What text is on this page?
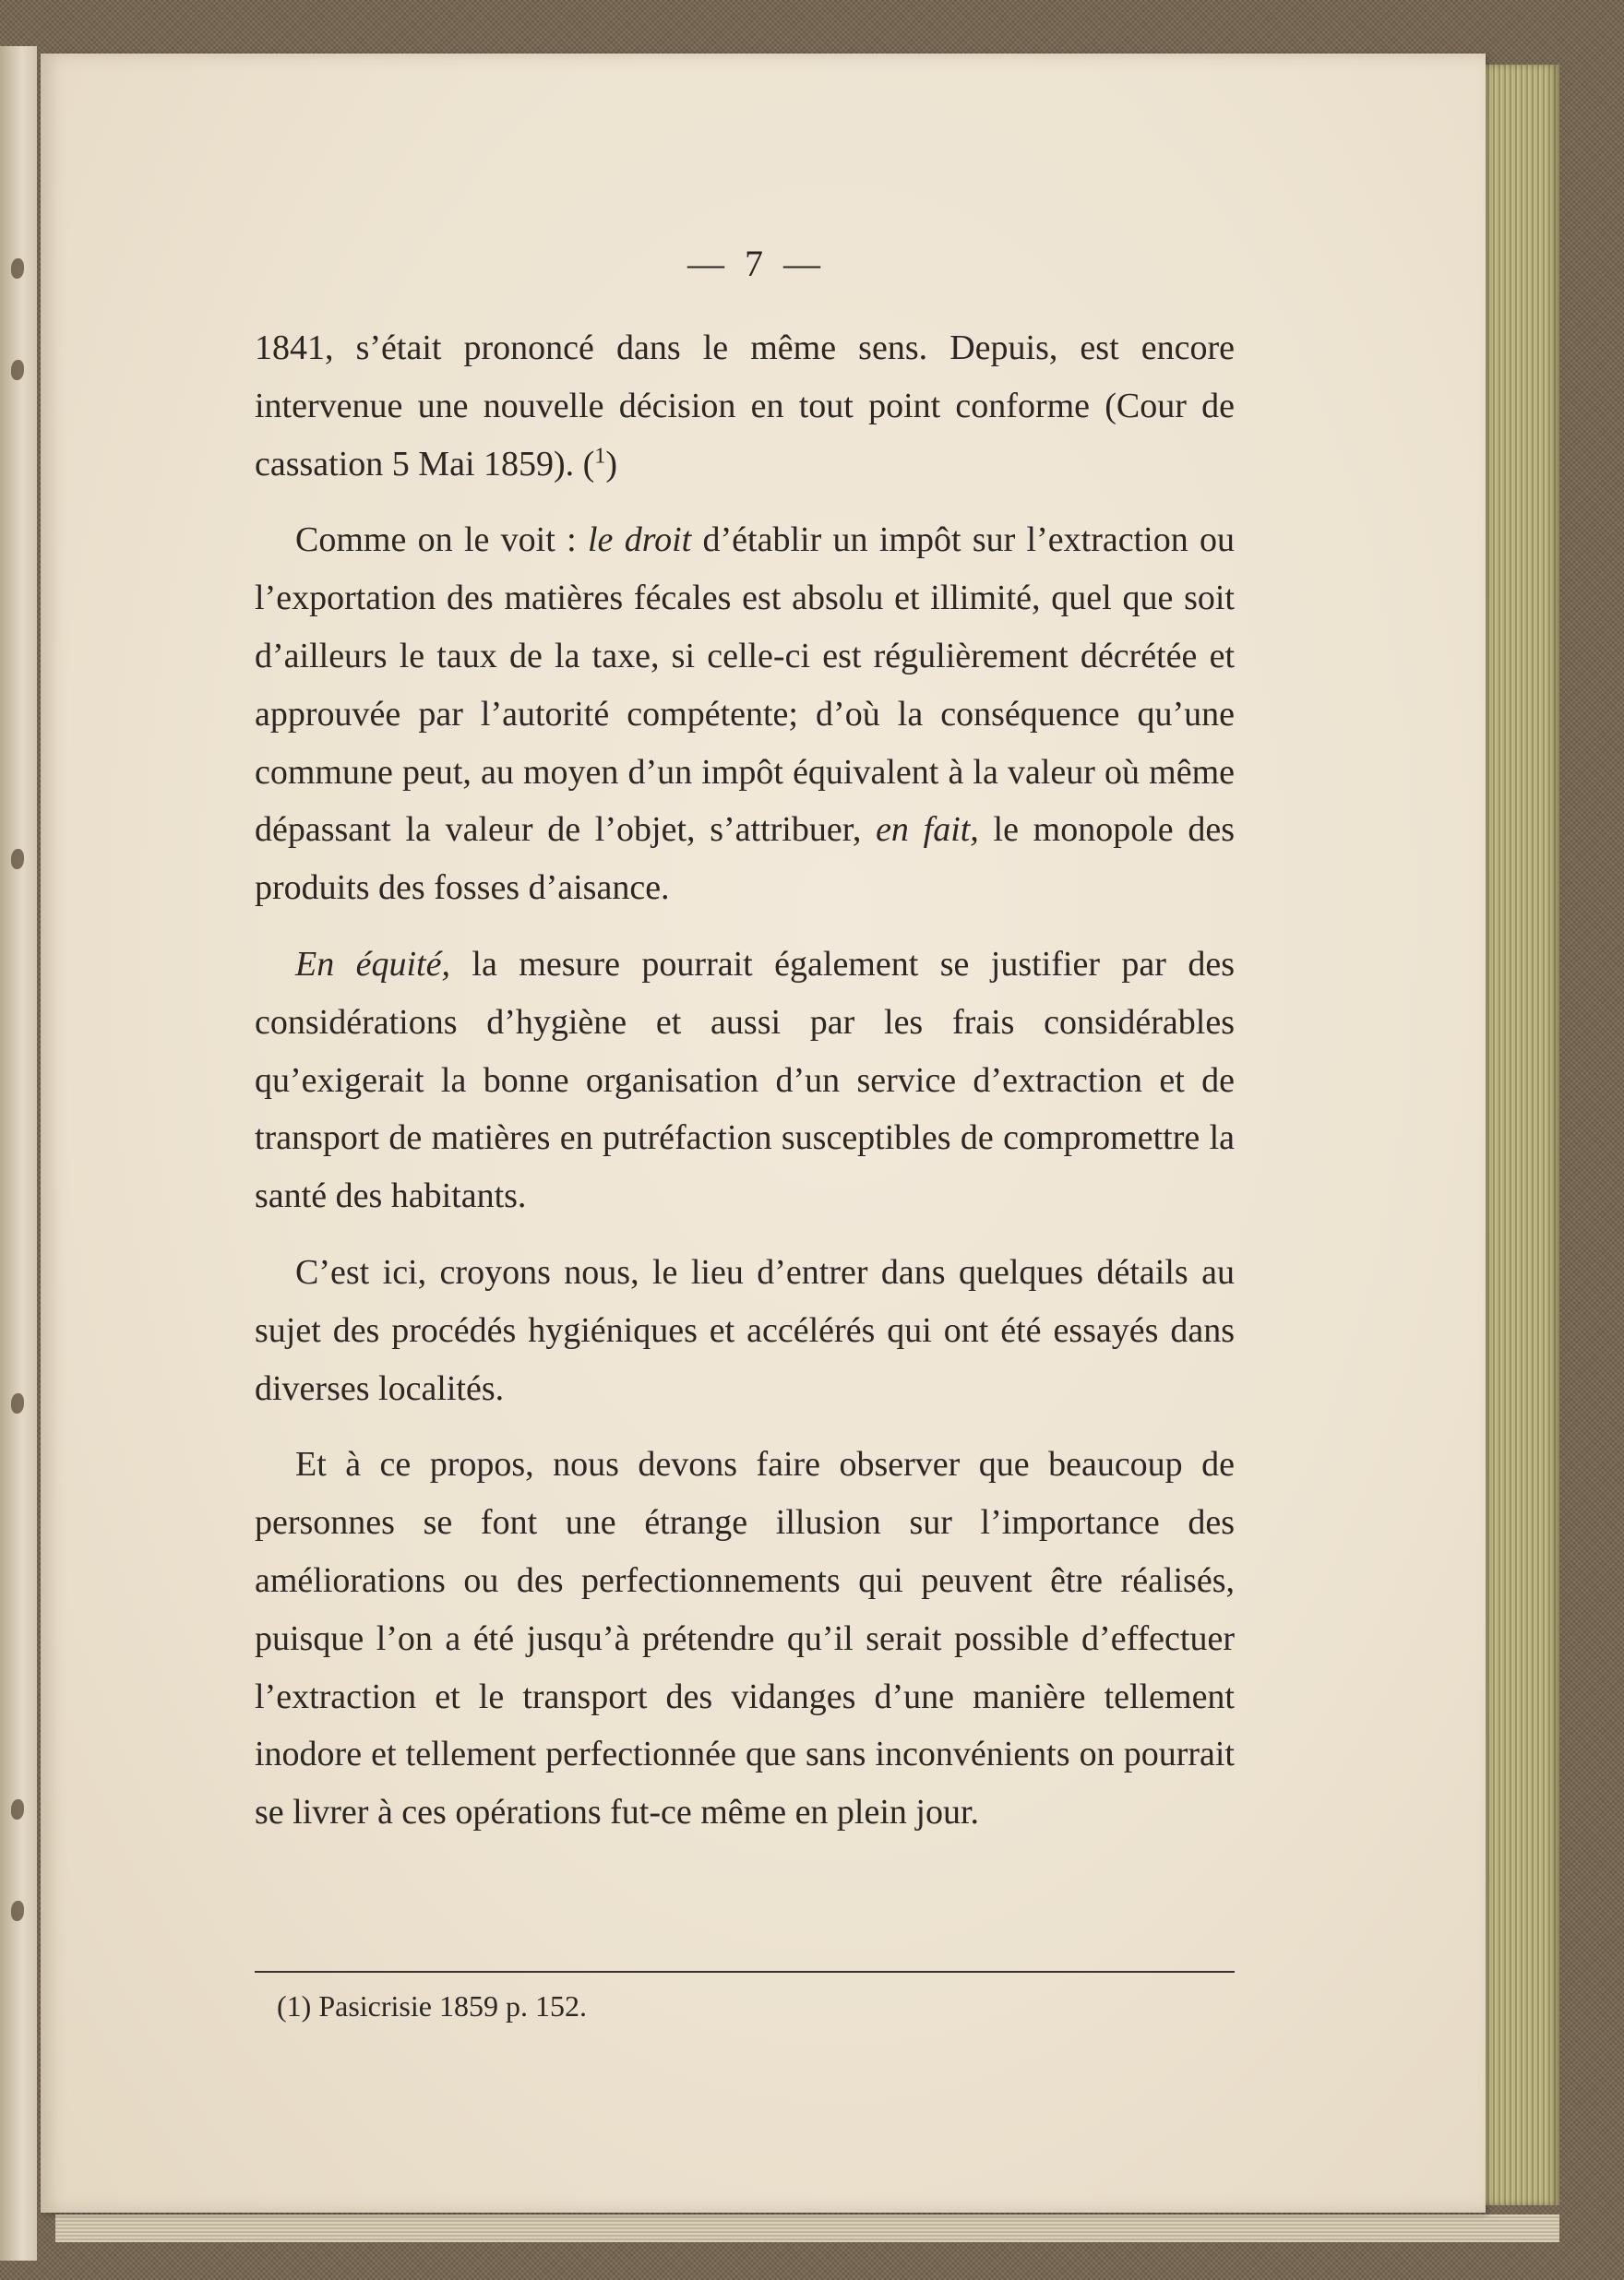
— 7 —

1841, s’était prononcé dans le même sens. Depuis, est encore intervenue une nouvelle décision en tout point conforme (Cour de cassation 5 Mai 1859). ($^1$)

Comme on le voit : le droit d’établir un impôt sur l’extraction ou l’exportation des matières fécales est absolu et illimité, quel que soit d’ailleurs le taux de la taxe, si celle-ci est régulièrement décrétée et approuvée par l’autorité compétente; d’où la conséquence qu’une commune peut, au moyen d’un impôt équivalent à la valeur où même dépassant la valeur de l’objet, s’attribuer, en fait, le monopole des produits des fosses d’aisance.

En équité, la mesure pourrait également se justifier par des considérations d’hygiène et aussi par les frais considérables qu’exigerait la bonne organisation d’un service d’extraction et de transport de matières en putréfaction susceptibles de compromettre la santé des habitants.

C’est ici, croyons nous, le lieu d’entrer dans quelques détails au sujet des procédés hygiéniques et accélérés qui ont été essayés dans diverses localités.

Et à ce propos, nous devons faire observer que beaucoup de personnes se font une étrange illusion sur l’importance des améliorations ou des perfectionnements qui peuvent être réalisés, puisque l’on a été jusqu’à prétendre qu’il serait possible d’effectuer l’extraction et le transport des vidanges d’une manière tellement inodore et tellement perfectionnée que sans inconvénients on pourrait se livrer à ces opérations fut-ce même en plein jour.

(1) Pasicrisie 1859 p. 152.
